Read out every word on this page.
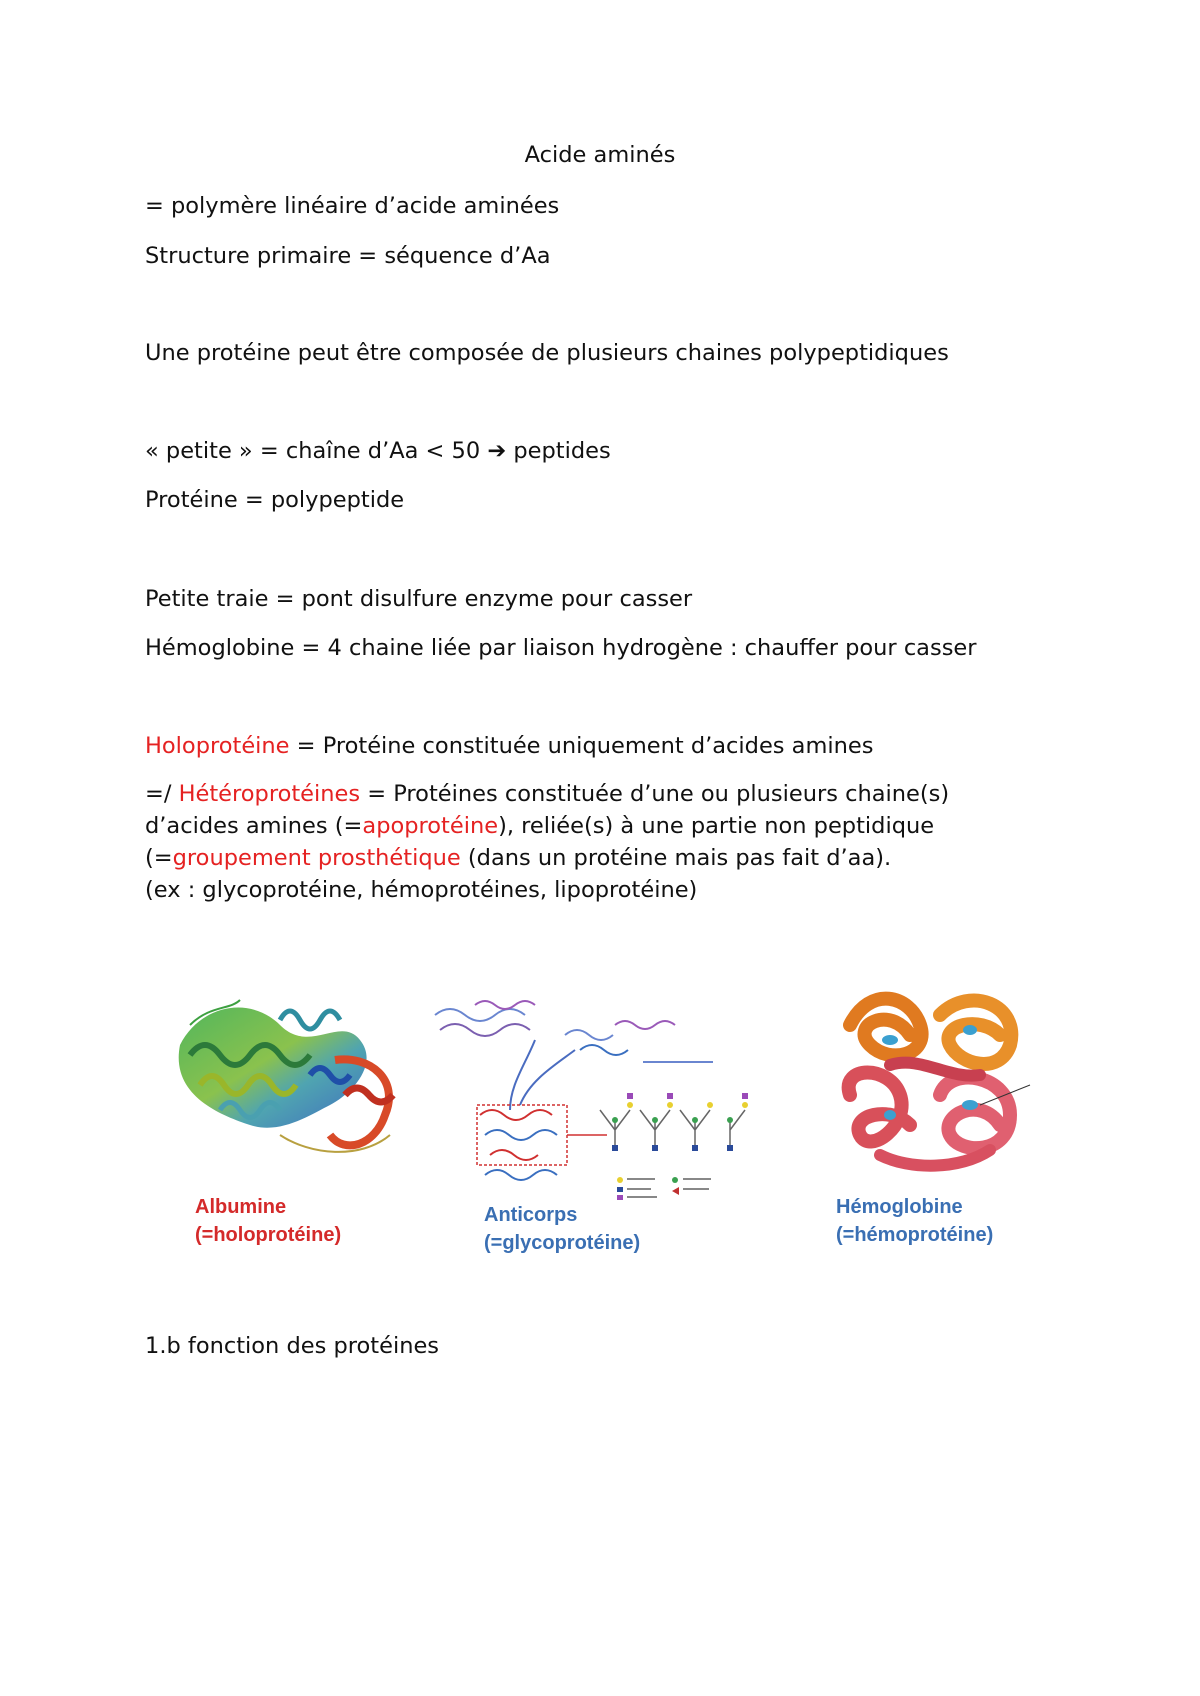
Acide aminés
= polymère linéaire d’acide aminées
Structure primaire = séquence d’Aa
Une protéine peut être composée de plusieurs chaines polypeptidiques
« petite » = chaîne d’Aa < 50 ➔ peptides
Protéine = polypeptide
Petite traie = pont disulfure enzyme pour casser
Hémoglobine = 4 chaine liée par liaison hydrogène : chauffer pour casser
Holoprotéine = Protéine constituée uniquement d’acides amines
=/ Hétéroprotéines = Protéines constituée d’une ou plusieurs chaine(s)
d’acides amines (=apoprotéine), reliée(s) à une partie non peptidique
(=groupement prosthétique (dans un protéine mais pas fait d’aa).
(ex : glycoprotéine, hémoprotéines, lipoprotéine)
Albumine
(=holoprotéine)
Anticorps
(=glycoprotéine)
Hémoglobine
(=hémoprotéine)
1.b fonction des protéines
